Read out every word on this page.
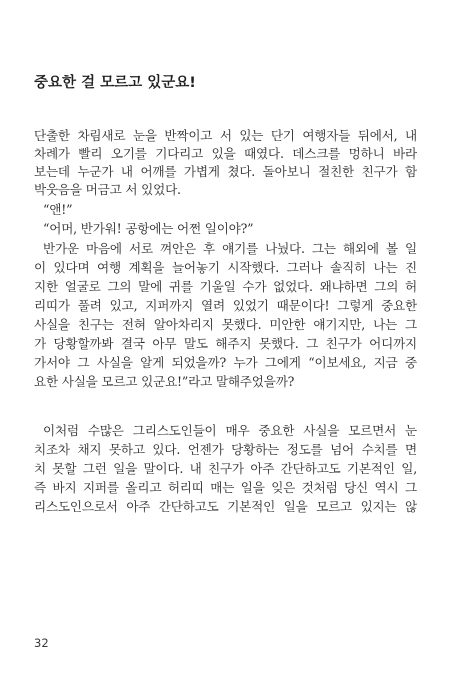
중요한 걸 모르고 있군요!
단출한 차림새로 눈을 반짝이고 서 있는 단기 여행자들 뒤에서, 내
차례가 빨리 오기를 기다리고 있을 때였다. 데스크를 멍하니 바라
보는데 누군가 내 어깨를 가볍게 쳤다. 돌아보니 절친한 친구가 함
박웃음을 머금고 서 있었다.
“앤!”
“어머, 반가워! 공항에는 어쩐 일이야?”
반가운 마음에 서로 껴안은 후 얘기를 나눴다. 그는 해외에 볼 일
이 있다며 여행 계획을 늘어놓기 시작했다. 그러나 솔직히 나는 진
지한 얼굴로 그의 말에 귀를 기울일 수가 없었다. 왜냐하면 그의 허
리띠가 풀려 있고, 지퍼까지 열려 있었기 때문이다! 그렇게 중요한
사실을 친구는 전혀 알아차리지 못했다. 미안한 얘기지만, 나는 그
가 당황할까봐 결국 아무 말도 해주지 못했다. 그 친구가 어디까지
가서야 그 사실을 알게 되었을까? 누가 그에게 “이보세요, 지금 중
요한 사실을 모르고 있군요!”라고 말해주었을까?
이처럼 수많은 그리스도인들이 매우 중요한 사실을 모르면서 눈
치조차 채지 못하고 있다. 언젠가 당황하는 정도를 넘어 수치를 면
치 못할 그런 일을 말이다. 내 친구가 아주 간단하고도 기본적인 일,
즉 바지 지퍼를 올리고 허리띠 매는 일을 잊은 것처럼 당신 역시 그
리스도인으로서 아주 간단하고도 기본적인 일을 모르고 있지는 않
32
